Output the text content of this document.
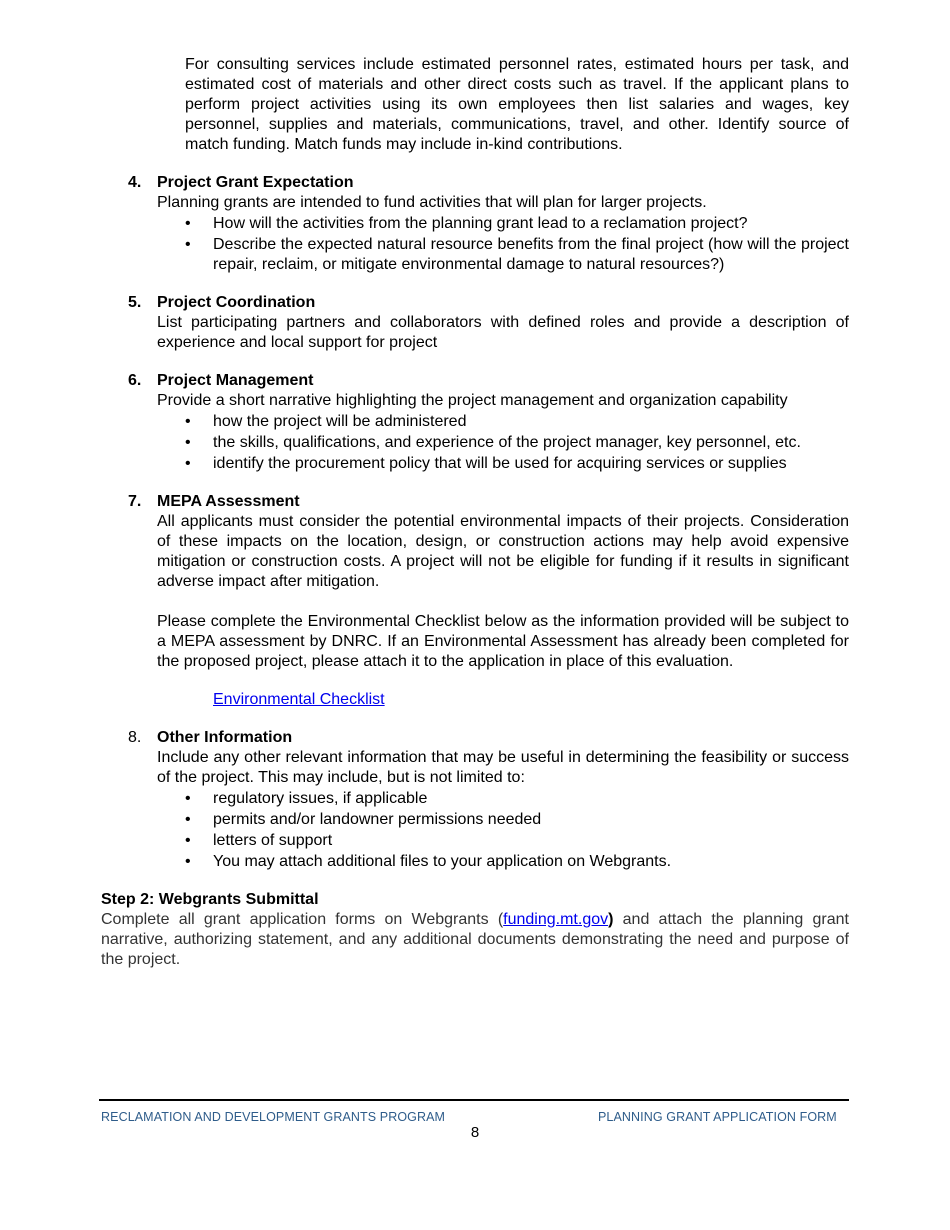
For consulting services include estimated personnel rates, estimated hours per task, and estimated cost of materials and other direct costs such as travel. If the applicant plans to perform project activities using its own employees then list salaries and wages, key personnel, supplies and materials, communications, travel, and other. Identify source of match funding. Match funds may include in-kind contributions.
4. Project Grant Expectation
Planning grants are intended to fund activities that will plan for larger projects.
• How will the activities from the planning grant lead to a reclamation project?
• Describe the expected natural resource benefits from the final project (how will the project repair, reclaim, or mitigate environmental damage to natural resources?)
5. Project Coordination
List participating partners and collaborators with defined roles and provide a description of experience and local support for project
6. Project Management
Provide a short narrative highlighting the project management and organization capability
• how the project will be administered
• the skills, qualifications, and experience of the project manager, key personnel, etc.
• identify the procurement policy that will be used for acquiring services or supplies
7. MEPA Assessment
All applicants must consider the potential environmental impacts of their projects. Consideration of these impacts on the location, design, or construction actions may help avoid expensive mitigation or construction costs. A project will not be eligible for funding if it results in significant adverse impact after mitigation.
Please complete the Environmental Checklist below as the information provided will be subject to a MEPA assessment by DNRC. If an Environmental Assessment has already been completed for the proposed project, please attach it to the application in place of this evaluation.
Environmental Checklist
8. Other Information
Include any other relevant information that may be useful in determining the feasibility or success of the project. This may include, but is not limited to:
• regulatory issues, if applicable
• permits and/or landowner permissions needed
• letters of support
• You may attach additional files to your application on Webgrants.
Step 2: Webgrants Submittal
Complete all grant application forms on Webgrants (funding.mt.gov) and attach the planning grant narrative, authorizing statement, and any additional documents demonstrating the need and purpose of the project.
RECLAMATION AND DEVELOPMENT GRANTS PROGRAM	PLANNING GRANT APPLICATION FORM
8
